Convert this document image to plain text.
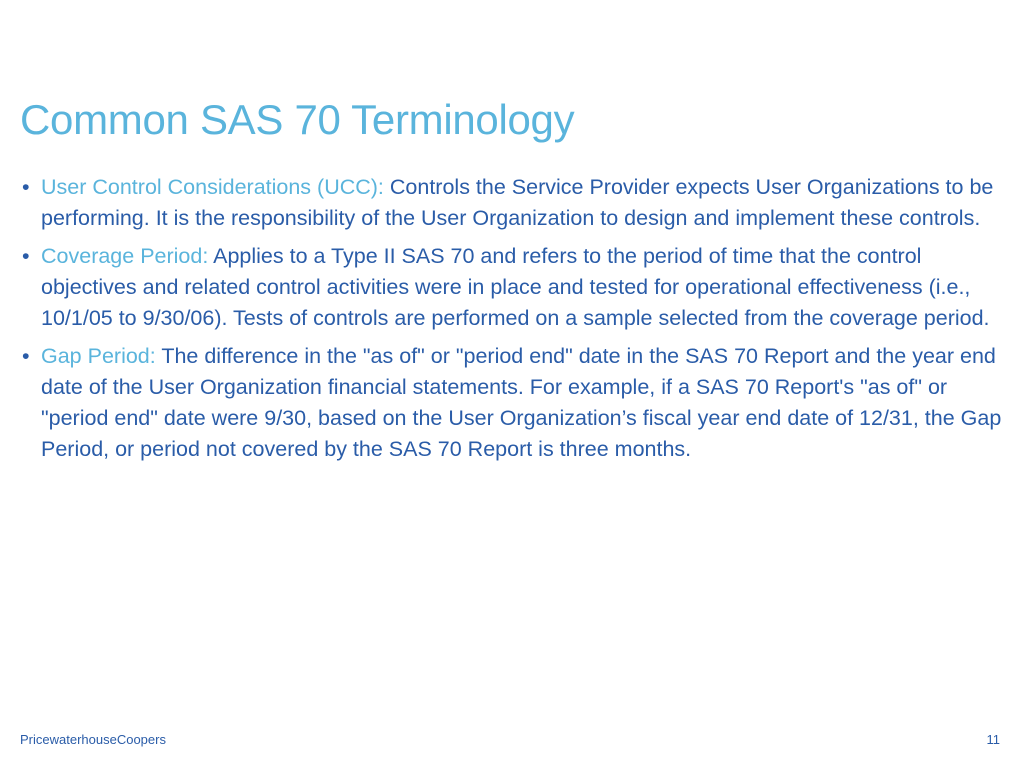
Common SAS 70 Terminology
• User Control Considerations (UCC): Controls the Service Provider expects User Organizations to be performing. It is the responsibility of the User Organization to design and implement these controls.
• Coverage Period: Applies to a Type II SAS 70 and refers to the period of time that the control objectives and related control activities were in place and tested for operational effectiveness (i.e., 10/1/05 to 9/30/06). Tests of controls are performed on a sample selected from the coverage period.
• Gap Period: The difference in the "as of" or "period end" date in the SAS 70 Report and the year end date of the User Organization financial statements. For example, if a SAS 70 Report's "as of" or "period end" date were 9/30, based on the User Organization’s fiscal year end date of 12/31, the Gap Period, or period not covered by the SAS 70 Report is three months.
PricewaterhouseCoopers	11
